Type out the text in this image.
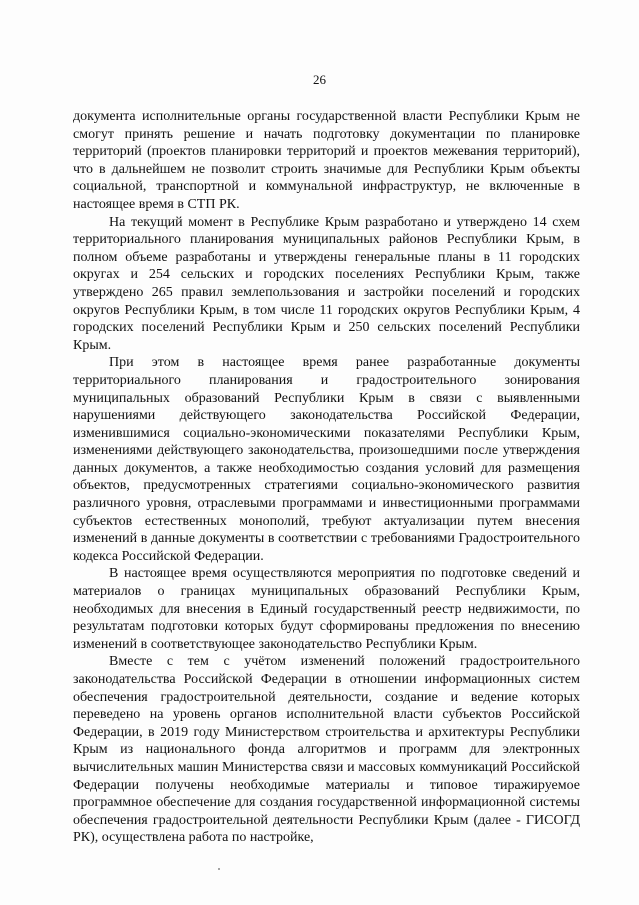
26

документа исполнительные органы государственной власти Республики Крым не смогут принять решение и начать подготовку документации по планировке территорий (проектов планировки территорий и проектов межевания территорий), что в дальнейшем не позволит строить значимые для Республики Крым объекты социальной, транспортной и коммунальной инфраструктур, не включенные в настоящее время в СТП РК.

На текущий момент в Республике Крым разработано и утверждено 14 схем территориального планирования муниципальных районов Республики Крым, в полном объеме разработаны и утверждены генеральные планы в 11 городских округах и 254 сельских и городских поселениях Республики Крым, также утверждено 265 правил землепользования и застройки поселений и городских округов Республики Крым, в том числе 11 городских округов Республики Крым, 4 городских поселений Республики Крым и 250 сельских поселений Республики Крым.

При этом в настоящее время ранее разработанные документы территориального планирования и градостроительного зонирования муниципальных образований Республики Крым в связи с выявленными нарушениями действующего законодательства Российской Федерации, изменившимися социально-экономическими показателями Республики Крым, изменениями действующего законодательства, произошедшими после утверждения данных документов, а также необходимостью создания условий для размещения объектов, предусмотренных стратегиями социально-экономического развития различного уровня, отраслевыми программами и инвестиционными программами субъектов естественных монополий, требуют актуализации путем внесения изменений в данные документы в соответствии с требованиями Градостроительного кодекса Российской Федерации.

В настоящее время осуществляются мероприятия по подготовке сведений и материалов о границах муниципальных образований Республики Крым, необходимых для внесения в Единый государственный реестр недвижимости, по результатам подготовки которых будут сформированы предложения по внесению изменений в соответствующее законодательство Республики Крым.

Вместе с тем с учётом изменений положений градостроительного законодательства Российской Федерации в отношении информационных систем обеспечения градостроительной деятельности, создание и ведение которых переведено на уровень органов исполнительной власти субъектов Российской Федерации, в 2019 году Министерством строительства и архитектуры Республики Крым из национального фонда алгоритмов и программ для электронных вычислительных машин Министерства связи и массовых коммуникаций Российской Федерации получены необходимые материалы и типовое тиражируемое программное обеспечение для создания государственной информационной системы обеспечения градостроительной деятельности Республики Крым (далее - ГИСОГД РК), осуществлена работа по настройке,
